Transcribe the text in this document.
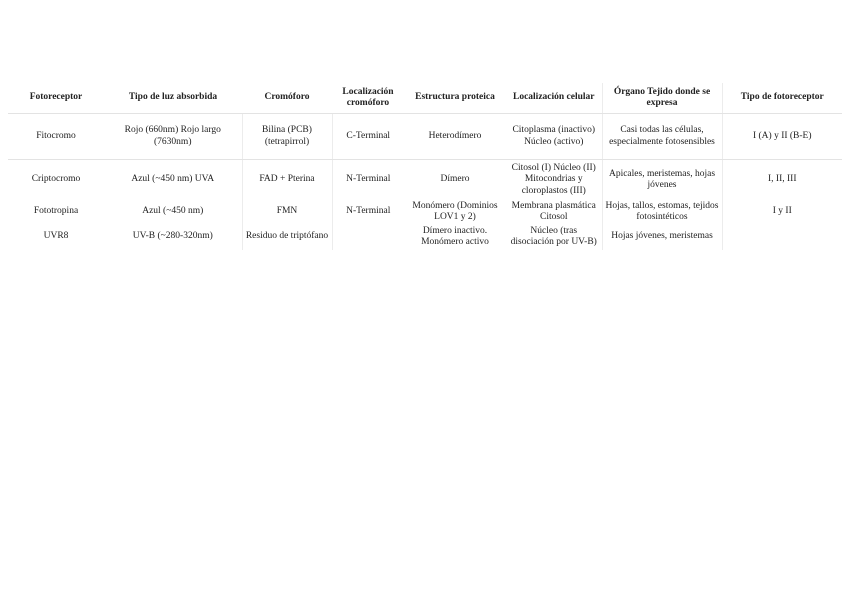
Fotoreceptor	Tipo de luz absorbida	Cromóforo	Localización cromóforo	Estructura proteica	Localización celular	Órgano Tejido donde se expresa	Tipo de fotoreceptor
Fitocromo	Rojo (660nm) Rojo largo (7630nm)	Bilina (PCB) (tetrapirrol)	C-Terminal	Heterodímero	Citoplasma (inactivo) Núcleo (activo)	Casi todas las células, especialmente fotosensibles	I (A) y II (B-E)
Criptocromo	Azul (~450 nm) UVA	FAD + Pterina	N-Terminal	Dímero	Citosol (I) Núcleo (II) Mitocondrias y cloroplastos (III)	Apicales, meristemas, hojas jóvenes	I, II, III
Fototropina	Azul (~450 nm)	FMN	N-Terminal	Monómero (Dominios LOV1 y 2)	Membrana plasmática Citosol	Hojas, tallos, estomas, tejidos fotosintéticos	I y II
UVR8	UV-B (~280-320nm)	Residuo de triptófano		Dímero inactivo. Monómero activo	Núcleo (tras disociación por UV-B)	Hojas jóvenes, meristemas	
